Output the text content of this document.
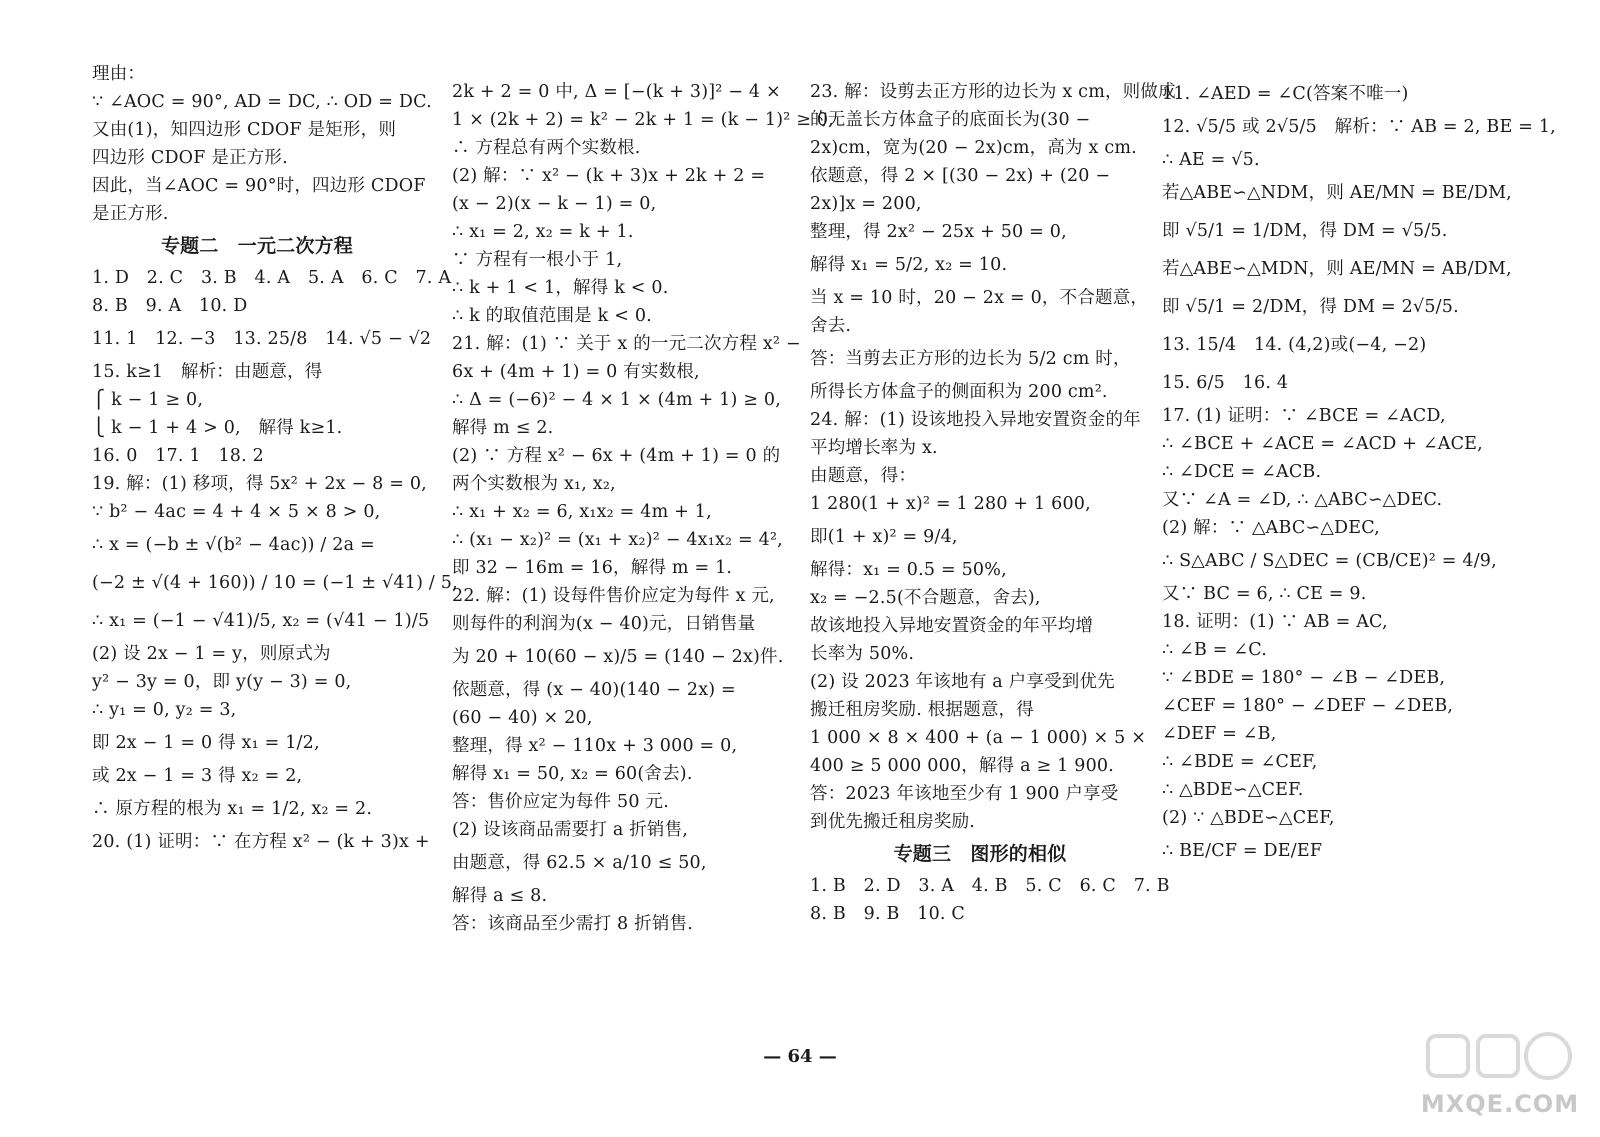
理由：
∵ ∠AOC = 90°, AD = DC, ∴ OD = DC.
又由(1)，知四边形 CDOF 是矩形，则
四边形 CDOF 是正方形.
因此，当∠AOC = 90°时，四边形 CDOF
是正方形.
专题二　一元二次方程
1. D　2. C　3. B　4. A　5. A　6. C　7. A
8. B　9. A　10. D
11. 1　12. −3　13. 25/8　14. √5 − √2
15. k≥1　解析：由题意，得
⎧ k − 1 ≥ 0,
⎩ k − 1 + 4 > 0,　解得 k≥1.
16. 0　17. 1　18. 2
19. 解：(1) 移项，得 5x² + 2x − 8 = 0,
∵ b² − 4ac = 4 + 4 × 5 × 8 > 0,
∴ x = (−b ± √(b² − 4ac)) / 2a =
(−2 ± √(4 + 160)) / 10 = (−1 ± √41) / 5,
∴ x₁ = (−1 − √41)/5, x₂ = (√41 − 1)/5
(2) 设 2x − 1 = y，则原式为
y² − 3y = 0，即 y(y − 3) = 0,
∴ y₁ = 0, y₂ = 3,
即 2x − 1 = 0 得 x₁ = 1/2,
或 2x − 1 = 3 得 x₂ = 2,
∴ 原方程的根为 x₁ = 1/2, x₂ = 2.
20. (1) 证明：∵ 在方程 x² − (k + 3)x +
2k + 2 = 0 中, Δ = [−(k + 3)]² − 4 ×
1 × (2k + 2) = k² − 2k + 1 = (k − 1)² ≥ 0,
∴ 方程总有两个实数根.
(2) 解：∵ x² − (k + 3)x + 2k + 2 =
(x − 2)(x − k − 1) = 0,
∴ x₁ = 2, x₂ = k + 1.
∵ 方程有一根小于 1,
∴ k + 1 < 1，解得 k < 0.
∴ k 的取值范围是 k < 0.
21. 解：(1) ∵ 关于 x 的一元二次方程 x² −
6x + (4m + 1) = 0 有实数根,
∴ Δ = (−6)² − 4 × 1 × (4m + 1) ≥ 0,
解得 m ≤ 2.
(2) ∵ 方程 x² − 6x + (4m + 1) = 0 的
两个实数根为 x₁, x₂,
∴ x₁ + x₂ = 6, x₁x₂ = 4m + 1,
∴ (x₁ − x₂)² = (x₁ + x₂)² − 4x₁x₂ = 4²,
即 32 − 16m = 16，解得 m = 1.
22. 解：(1) 设每件售价应定为每件 x 元,
则每件的利润为(x − 40)元，日销售量
为 20 + 10(60 − x)/5 = (140 − 2x)件.
依题意，得 (x − 40)(140 − 2x) =
(60 − 40) × 20,
整理，得 x² − 110x + 3 000 = 0,
解得 x₁ = 50, x₂ = 60(舍去).
答：售价应定为每件 50 元.
(2) 设该商品需要打 a 折销售,
由题意，得 62.5 × a/10 ≤ 50,
解得 a ≤ 8.
答：该商品至少需打 8 折销售.
23. 解：设剪去正方形的边长为 x cm，则做成
的无盖长方体盒子的底面长为(30 −
2x)cm，宽为(20 − 2x)cm，高为 x cm.
依题意，得 2 × [(30 − 2x) + (20 −
2x)]x = 200,
整理，得 2x² − 25x + 50 = 0,
解得 x₁ = 5/2, x₂ = 10.
当 x = 10 时，20 − 2x = 0，不合题意，
舍去.
答：当剪去正方形的边长为 5/2 cm 时，
所得长方体盒子的侧面积为 200 cm².
24. 解：(1) 设该地投入异地安置资金的年
平均增长率为 x.
由题意，得：
1 280(1 + x)² = 1 280 + 1 600,
即(1 + x)² = 9/4,
解得：x₁ = 0.5 = 50%,
x₂ = −2.5(不合题意，舍去),
故该地投入异地安置资金的年平均增
长率为 50%.
(2) 设 2023 年该地有 a 户享受到优先
搬迁租房奖励. 根据题意，得
1 000 × 8 × 400 + (a − 1 000) × 5 ×
400 ≥ 5 000 000，解得 a ≥ 1 900.
答：2023 年该地至少有 1 900 户享受
到优先搬迁租房奖励.
专题三　图形的相似
1. B　2. D　3. A　4. B　5. C　6. C　7. B
8. B　9. B　10. C
11. ∠AED = ∠C(答案不唯一)
12. √5/5 或 2√5/5　解析：∵ AB = 2, BE = 1,
∴ AE = √5.
若△ABE∽△NDM，则 AE/MN = BE/DM,
即 √5/1 = 1/DM，得 DM = √5/5.
若△ABE∽△MDN，则 AE/MN = AB/DM,
即 √5/1 = 2/DM，得 DM = 2√5/5.
13. 15/4　14. (4,2)或(−4, −2)
15. 6/5　16. 4
17. (1) 证明：∵ ∠BCE = ∠ACD,
∴ ∠BCE + ∠ACE = ∠ACD + ∠ACE,
∴ ∠DCE = ∠ACB.
又∵ ∠A = ∠D, ∴ △ABC∽△DEC.
(2) 解：∵ △ABC∽△DEC,
∴ S△ABC / S△DEC = (CB/CE)² = 4/9,
又∵ BC = 6, ∴ CE = 9.
18. 证明：(1) ∵ AB = AC,
∴ ∠B = ∠C.
∵ ∠BDE = 180° − ∠B − ∠DEB,
∠CEF = 180° − ∠DEF − ∠DEB,
∠DEF = ∠B,
∴ ∠BDE = ∠CEF,
∴ △BDE∽△CEF.
(2) ∵ △BDE∽△CEF,
∴ BE/CF = DE/EF
— 64 —
MXQE.COM
